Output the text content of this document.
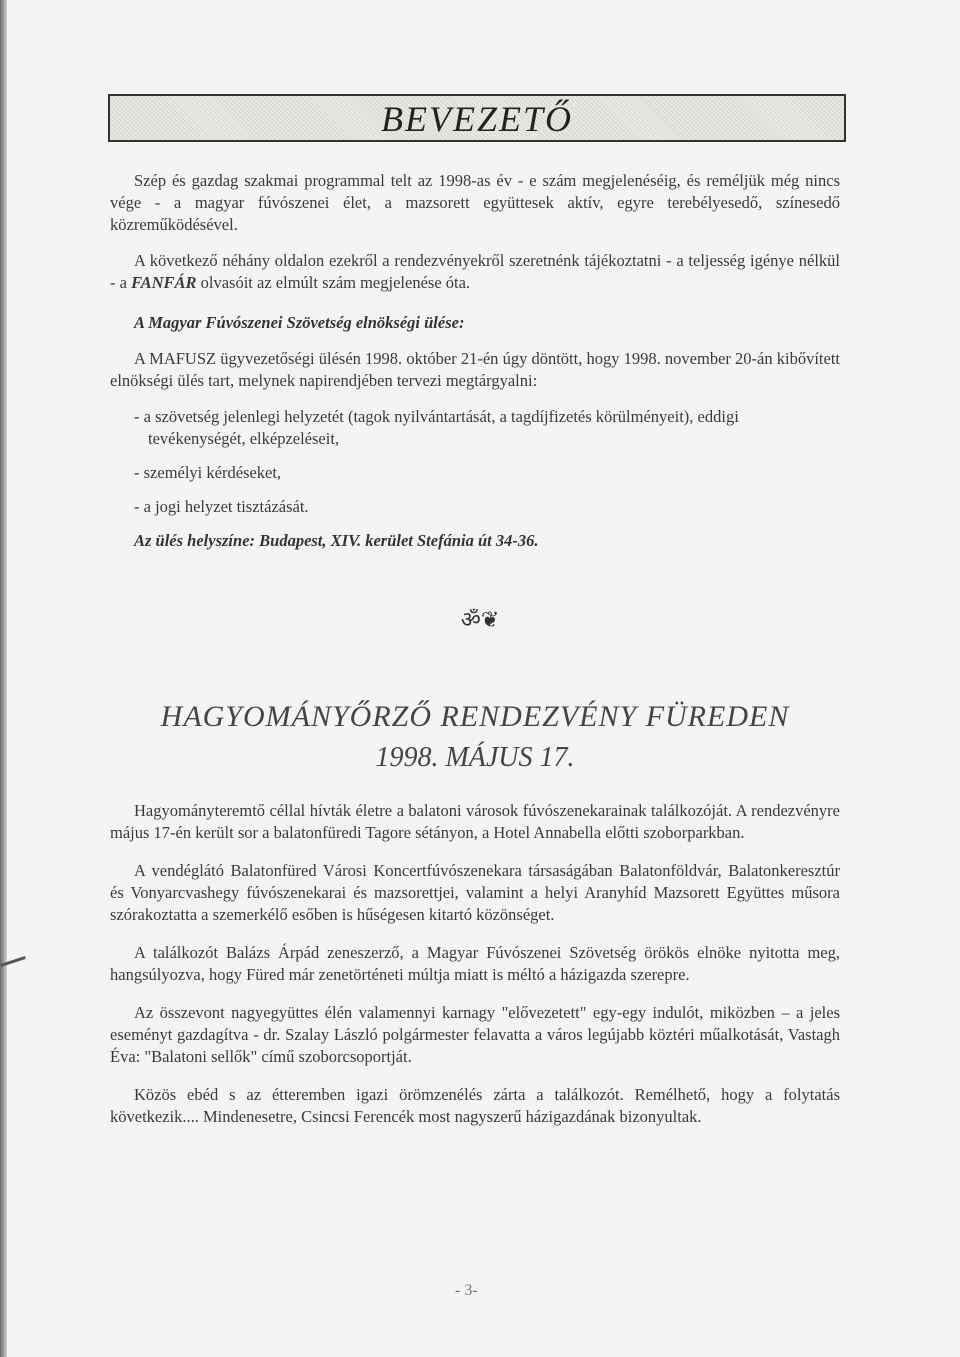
BEVEZETŐ

Szép és gazdag szakmai programmal telt az 1998-as év - e szám megjelenéséig, és reméljük még nincs vége - a magyar fúvószenei élet, a mazsorett együttesek aktív, egyre terebélyesedő, színesedő közreműködésével.

A következő néhány oldalon ezekről a rendezvényekről szeretnénk tájékoztatni - a teljesség igénye nélkül - a FANFÁR olvasóit az elmúlt szám megjelenése óta.

A Magyar Fúvószenei Szövetség elnökségi ülése:

A MAFUSZ ügyvezetőségi ülésén 1998. október 21-én úgy döntött, hogy 1998. november 20-án kibővített elnökségi ülés tart, melynek napirendjében tervezi megtárgyalni:

- a szövetség jelenlegi helyzetét (tagok nyilvántartását, a tagdíjfizetés körülményeit), eddigi tevékenységét, elképzeléseit,

- személyi kérdéseket,

- a jogi helyzet tisztázását.

Az ülés helyszíne: Budapest, XIV. kerület Stefánia út 34-36.

ॐ❦
HAGYOMÁNYŐRZŐ RENDEZVÉNY FÜREDEN
1998. MÁJUS 17.

Hagyományteremtő céllal hívták életre a balatoni városok fúvószenekarainak találkozóját. A rendezvényre május 17-én került sor a balatonfüredi Tagore sétányon, a Hotel Annabella előtti szoborparkban.

A vendéglátó Balatonfüred Városi Koncertfúvószenekara társaságában Balatonföldvár, Balatonkeresztúr és Vonyarcvashegy fúvószenekarai és mazsorettjei, valamint a helyi Aranyhíd Mazsorett Együttes műsora szórakoztatta a szemerkélő esőben is hűségesen kitartó közönséget.

A találkozót Balázs Árpád zeneszerző, a Magyar Fúvószenei Szövetség örökös elnöke nyitotta meg, hangsúlyozva, hogy Füred már zenetörténeti múltja miatt is méltó a házigazda szerepre.

Az összevont nagyegyüttes élén valamennyi karnagy "elővezetett" egy-egy indulót, miközben – a jeles eseményt gazdagítva - dr. Szalay László polgármester felavatta a város legújabb köztéri műalkotását, Vastagh Éva: "Balatoni sellők" című szoborcsoportját.

Közös ebéd s az étteremben igazi örömzenélés zárta a találkozót. Remélhető, hogy a folytatás következik.... Mindenesetre, Csincsi Ferencék most nagyszerű házigazdának bizonyultak.

- 3-
